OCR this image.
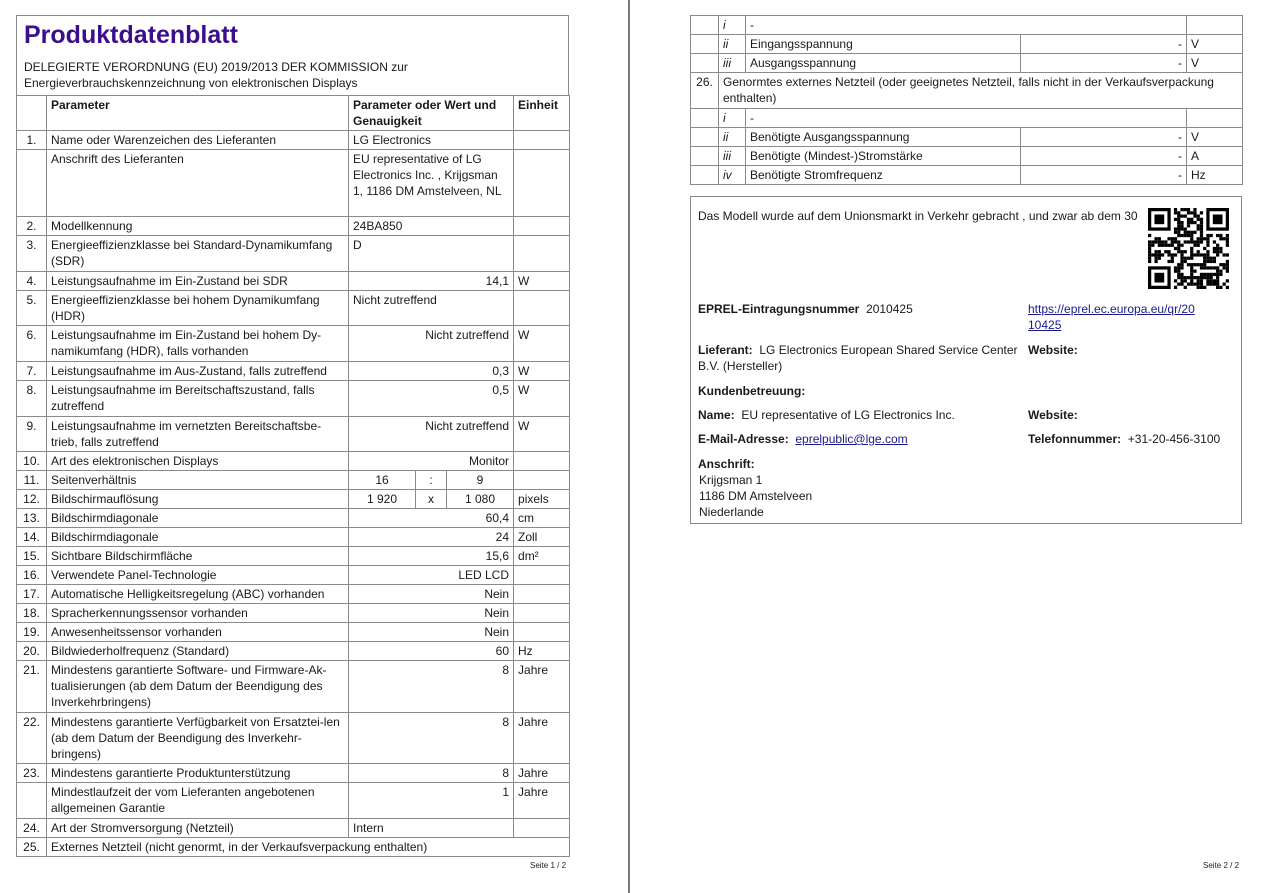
Produktdatenblatt
DELEGIERTE VERORDNUNG (EU) 2019/2013 DER KOMMISSION zur
Energieverbrauchskennzeichnung von elektronischen Displays
	Parameter	Parameter oder Wert und Genauigkeit			Einheit
1.	Name oder Warenzeichen des Lieferanten	LG Electronics			
	Anschrift des Lieferanten	EU representative of LG Electronics Inc. , Krijgsman 1, 1186 DM Amstelveen, NL			
2.	Modellkennung	24BA850			
3.	Energieeffizienzklasse bei Standard-Dynamikumfang (SDR)	D			
4.	Leistungsaufnahme im Ein-Zustand bei SDR	14,1			W
5.	Energieeffizienzklasse bei hohem Dynamikumfang (HDR)	Nicht zutreffend			
6.	Leistungsaufnahme im Ein-Zustand bei hohem Dy-namikumfang (HDR), falls vorhanden	Nicht zutreffend			W
7.	Leistungsaufnahme im Aus-Zustand, falls zutreffend	0,3			W
8.	Leistungsaufnahme im Bereitschaftszustand, falls zutreffend	0,5			W
9.	Leistungsaufnahme im vernetzten Bereitschaftsbe-trieb, falls zutreffend	Nicht zutreffend			W
10.	Art des elektronischen Displays	Monitor			
11.	Seitenverhältnis	16	:	9	
12.	Bildschirmauflösung	1 920	x	1 080	pixels
13.	Bildschirmdiagonale	60,4			cm
14.	Bildschirmdiagonale	24			Zoll
15.	Sichtbare Bildschirmfläche	15,6			dm²
16.	Verwendete Panel-Technologie	LED LCD			
17.	Automatische Helligkeitsregelung (ABC) vorhanden	Nein			
18.	Spracherkennungssensor vorhanden	Nein			
19.	Anwesenheitssensor vorhanden	Nein			
20.	Bildwiederholfrequenz (Standard)	60			Hz
21.	Mindestens garantierte Software- und Firmware-Ak-tualisierungen (ab dem Datum der Beendigung des Inverkehrbringens)	8			Jahre
22.	Mindestens garantierte Verfügbarkeit von Ersatztei-len (ab dem Datum der Beendigung des Inverkehr-bringens)	8			Jahre
23.	Mindestens garantierte Produktunterstützung	8			Jahre
	Mindestlaufzeit der vom Lieferanten angebotenen allgemeinen Garantie	1			Jahre
24.	Art der Stromversorgung (Netzteil)	Intern			
25.	Externes Netzteil (nicht genormt, in der Verkaufsverpackung enthalten)				
Seite 1 / 2
	i	-		
	ii	Eingangsspannung	-	V
	iii	Ausgangsspannung	-	V
26.	Genormtes externes Netzteil (oder geeignetes Netzteil, falls nicht in der Verkaufsverpackung enthalten)			
	i	-		
	ii	Benötigte Ausgangsspannung	-	V
	iii	Benötigte (Mindest-)Stromstärke	-	A
	iv	Benötigte Stromfrequenz	-	Hz
Das Modell wurde auf dem Unionsmarkt in Verkehr gebracht , und zwar ab dem 30
EPREL-Eintragungsnummer 2010425	https://eprel.ec.europa.eu/qr/20
10425
Lieferant: LG Electronics European Shared Service Center
B.V. (Hersteller)
Website:
Kundenbetreuung:
Name: EU representative of LG Electronics Inc.	Website:
E-Mail-Adresse: eprelpublic@lge.com	Telefonnummer: +31-20-456-3100
Anschrift:
Krijgsman 1
1186 DM Amstelveen
Niederlande
Seite 2 / 2
